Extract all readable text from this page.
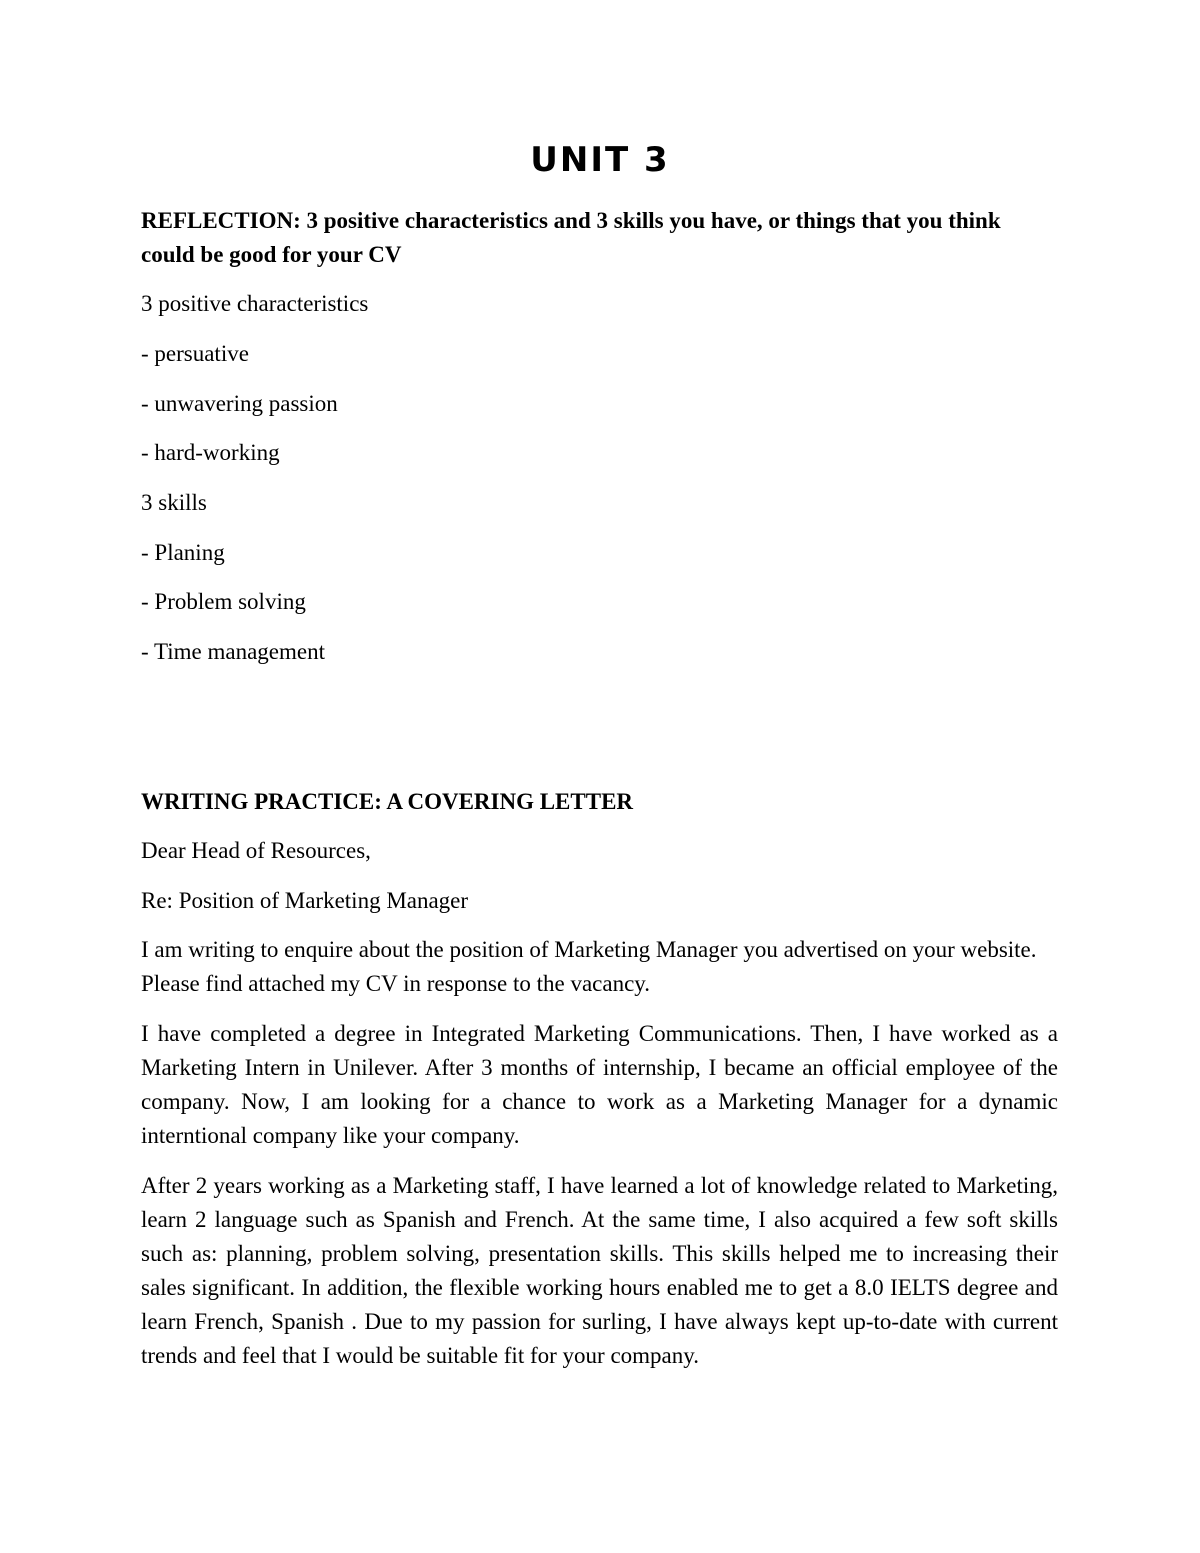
UNIT 3

REFLECTION: 3 positive characteristics and 3 skills you have, or things that you think could be good for your CV

3 positive characteristics

- persuative

- unwavering passion

- hard-working

3 skills

- Planing

- Problem solving

- Time management

WRITING PRACTICE: A COVERING LETTER

Dear Head of Resources,

Re: Position of Marketing Manager

I am writing to enquire about the position of Marketing Manager you advertised on your website. Please find attached my CV in response to the vacancy.

I have completed a degree in Integrated Marketing Communications. Then, I have worked as a Marketing Intern in Unilever. After 3 months of internship, I became an official employee of the company. Now, I am looking for a chance to work as a Marketing Manager for a dynamic interntional company like your company.

After 2 years working as a Marketing staff, I have learned a lot of knowledge related to Marketing, learn 2 language such as Spanish and French. At the same time, I also acquired a few soft skills such as: planning, problem solving, presentation skills. This skills helped me to increasing their sales significant. In addition, the flexible working hours enabled me to get a 8.0 IELTS degree and learn French, Spanish . Due to my passion for surling, I have always kept up-to-date with current trends and feel that I would be suitable fit for your company.
